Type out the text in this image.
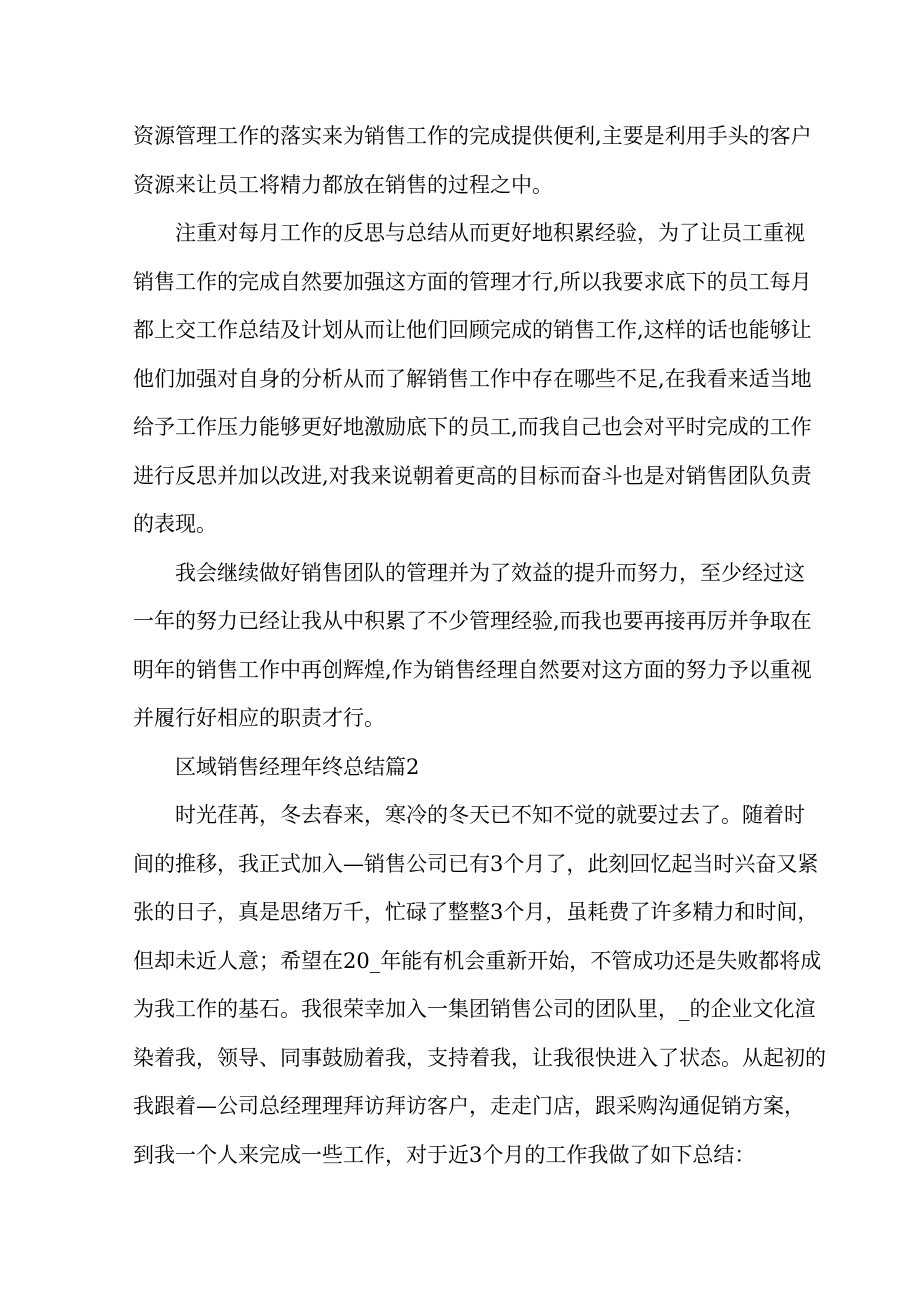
资源管理工作的落实来为销售工作的完成提供便利,主要是利用手头的客户
资源来让员工将精力都放在销售的过程之中。
注重对每月工作的反思与总结从而更好地积累经验，为了让员工重视
销售工作的完成自然要加强这方面的管理才行,所以我要求底下的员工每月
都上交工作总结及计划从而让他们回顾完成的销售工作,这样的话也能够让
他们加强对自身的分析从而了解销售工作中存在哪些不足,在我看来适当地
给予工作压力能够更好地激励底下的员工,而我自己也会对平时完成的工作
进行反思并加以改进,对我来说朝着更高的目标而奋斗也是对销售团队负责
的表现。
我会继续做好销售团队的管理并为了效益的提升而努力，至少经过这
一年的努力已经让我从中积累了不少管理经验,而我也要再接再厉并争取在
明年的销售工作中再创辉煌,作为销售经理自然要对这方面的努力予以重视
并履行好相应的职责才行。
区域销售经理年终总结篇2
时光荏苒，冬去春来，寒冷的冬天已不知不觉的就要过去了。随着时
间的推移，我正式加入—销售公司已有3个月了，此刻回忆起当时兴奋又紧
张的日子，真是思绪万千，忙碌了整整3个月，虽耗费了许多精力和时间，
但却未近人意；希望在20_年能有机会重新开始，不管成功还是失败都将成
为我工作的基石。我很荣幸加入一集团销售公司的团队里，_的企业文化渲
染着我，领导、同事鼓励着我，支持着我，让我很快进入了状态。从起初的
我跟着—公司总经理理拜访拜访客户，走走门店，跟采购沟通促销方案，
到我一个人来完成一些工作，对于近3个月的工作我做了如下总结：
